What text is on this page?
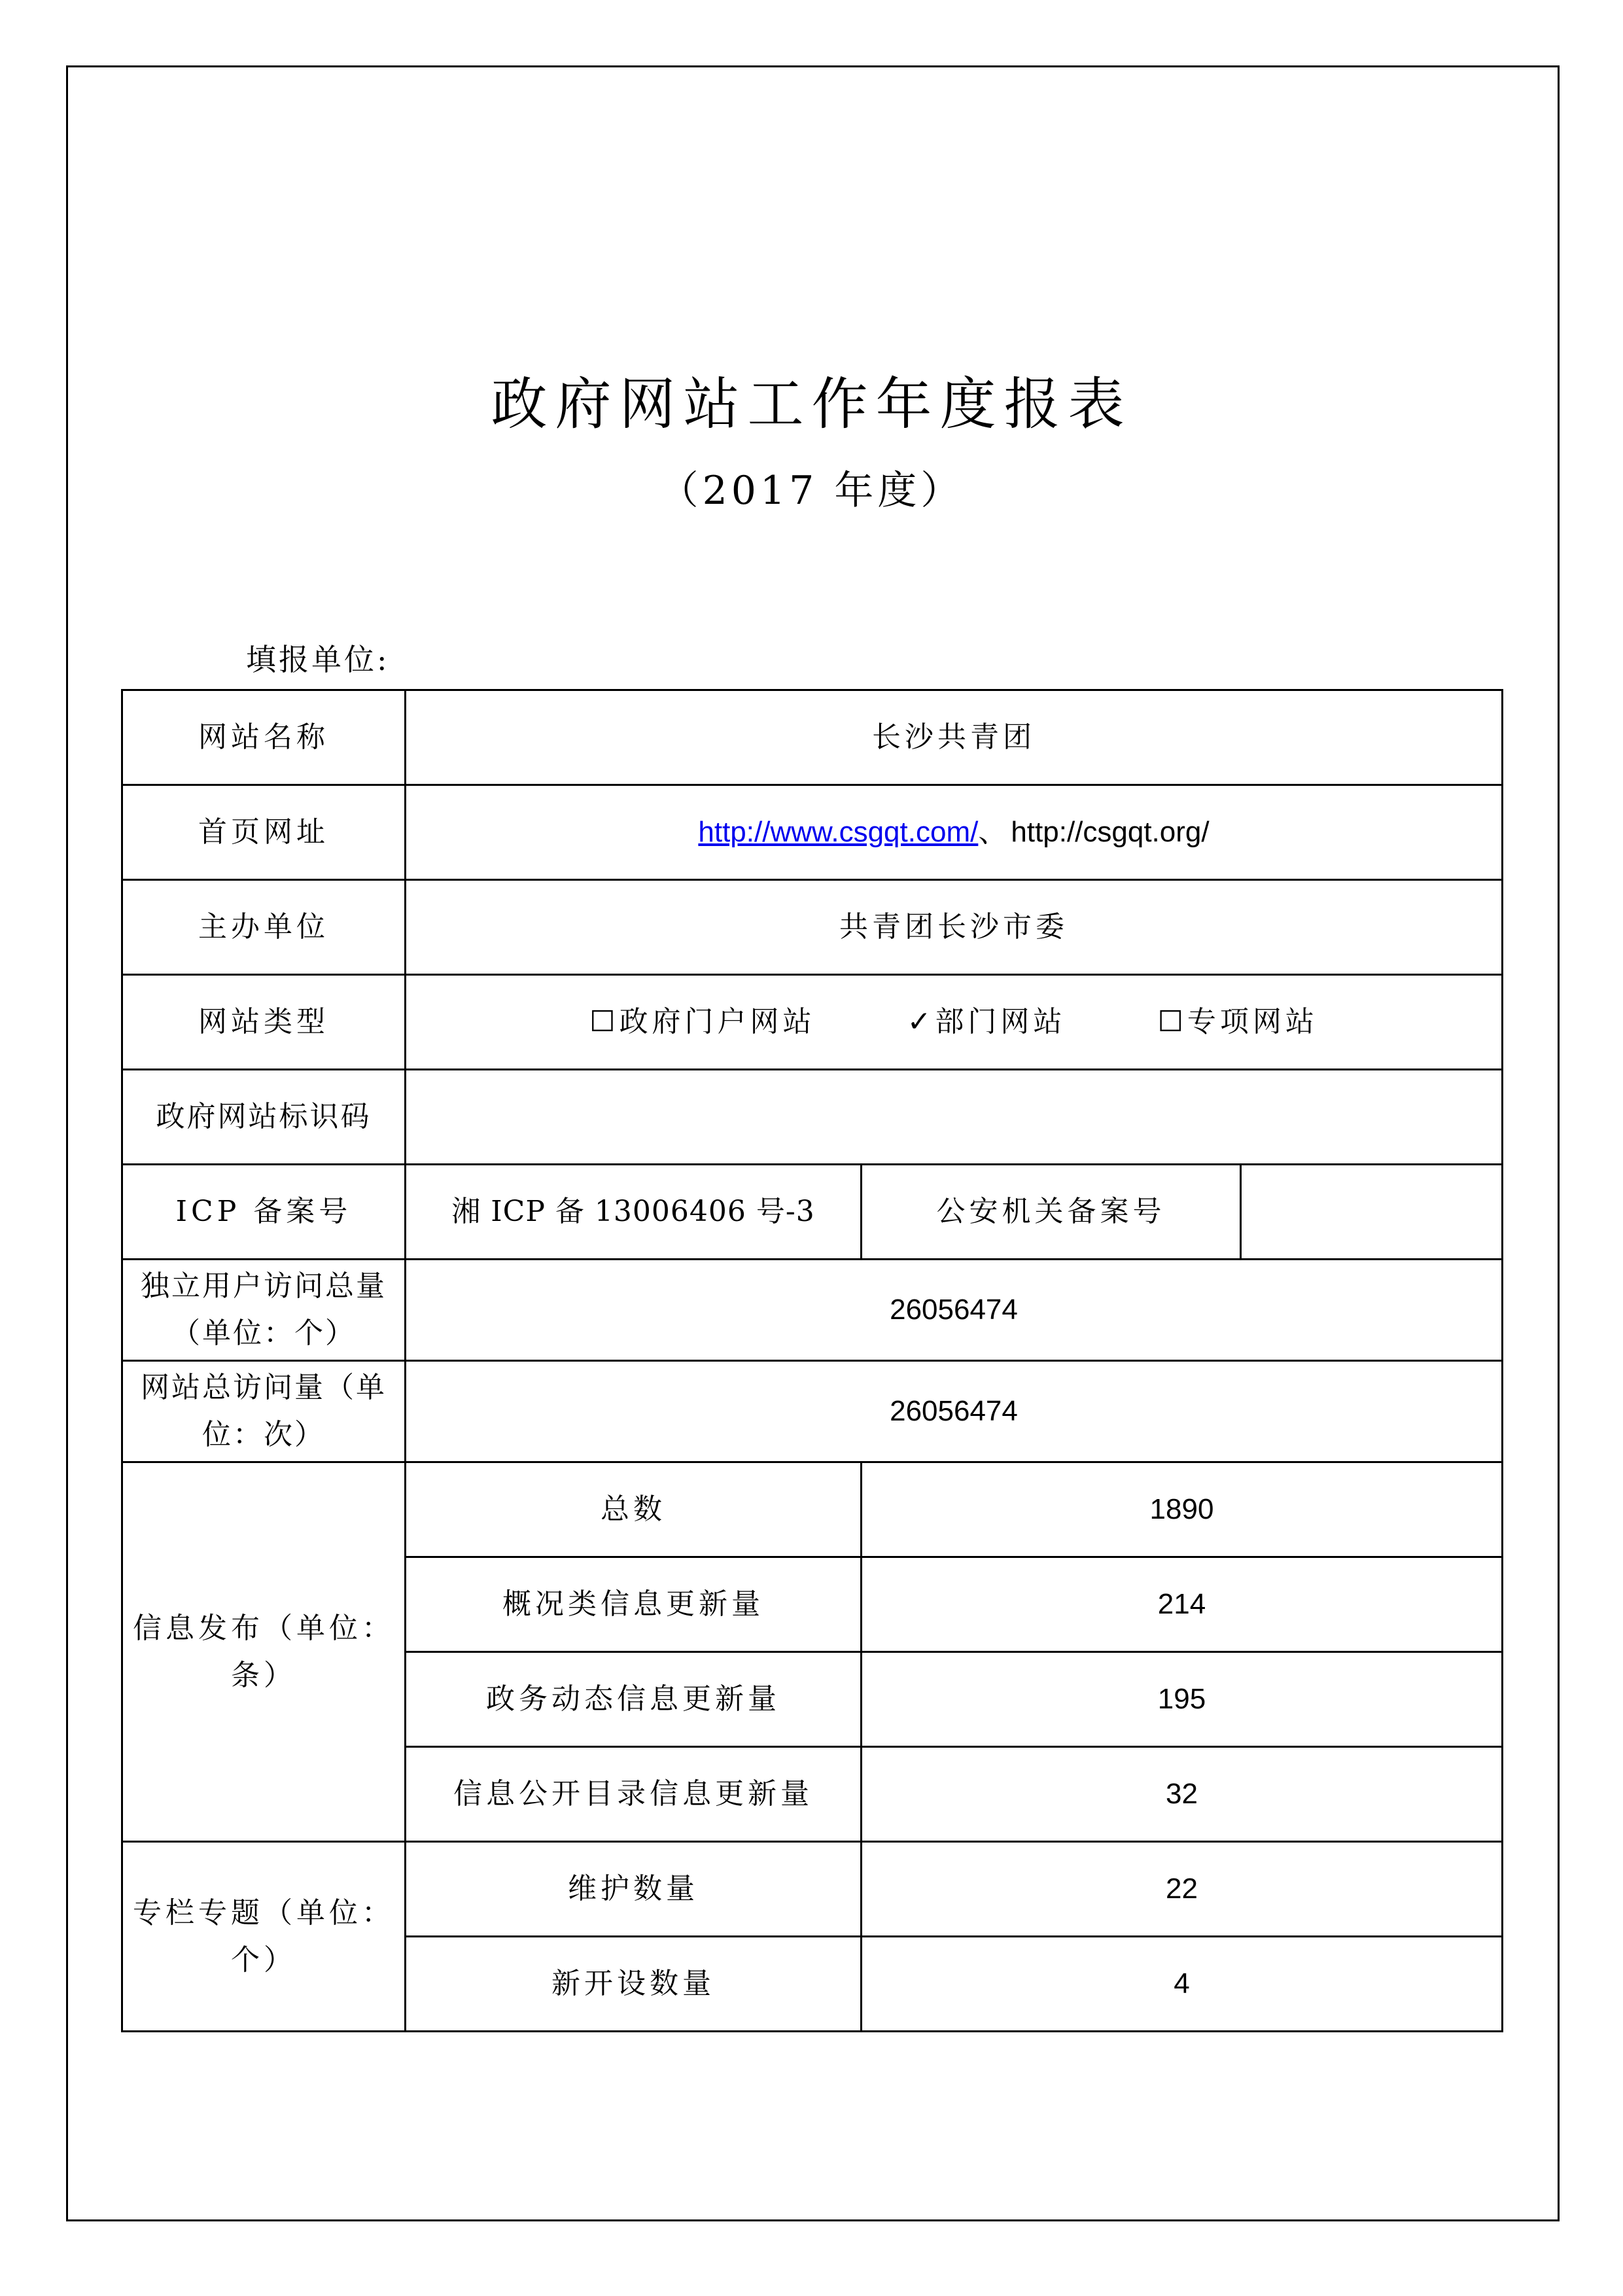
政府网站工作年度报表
（2017 年度）
填报单位:
网站名称	长沙共青团		
首页网址	http://www.csgqt.com/、http://csgqt.org/		
主办单位	共青团长沙市委		
网站类型	☐政府门户网站 ✓部门网站 ☐专项网站		
政府网站标识码			
ICP 备案号	湘 ICP 备 13006406 号-3	公安机关备案号	
独立用户访问总量（单位：个）	26056474		
网站总访问量（单位：次）	26056474		
信息发布（单位：条）	总数	1890	
	概况类信息更新量	214	
	政务动态信息更新量	195	
	信息公开目录信息更新量	32	
专栏专题（单位：个）	维护数量	22	
	新开设数量	4	
